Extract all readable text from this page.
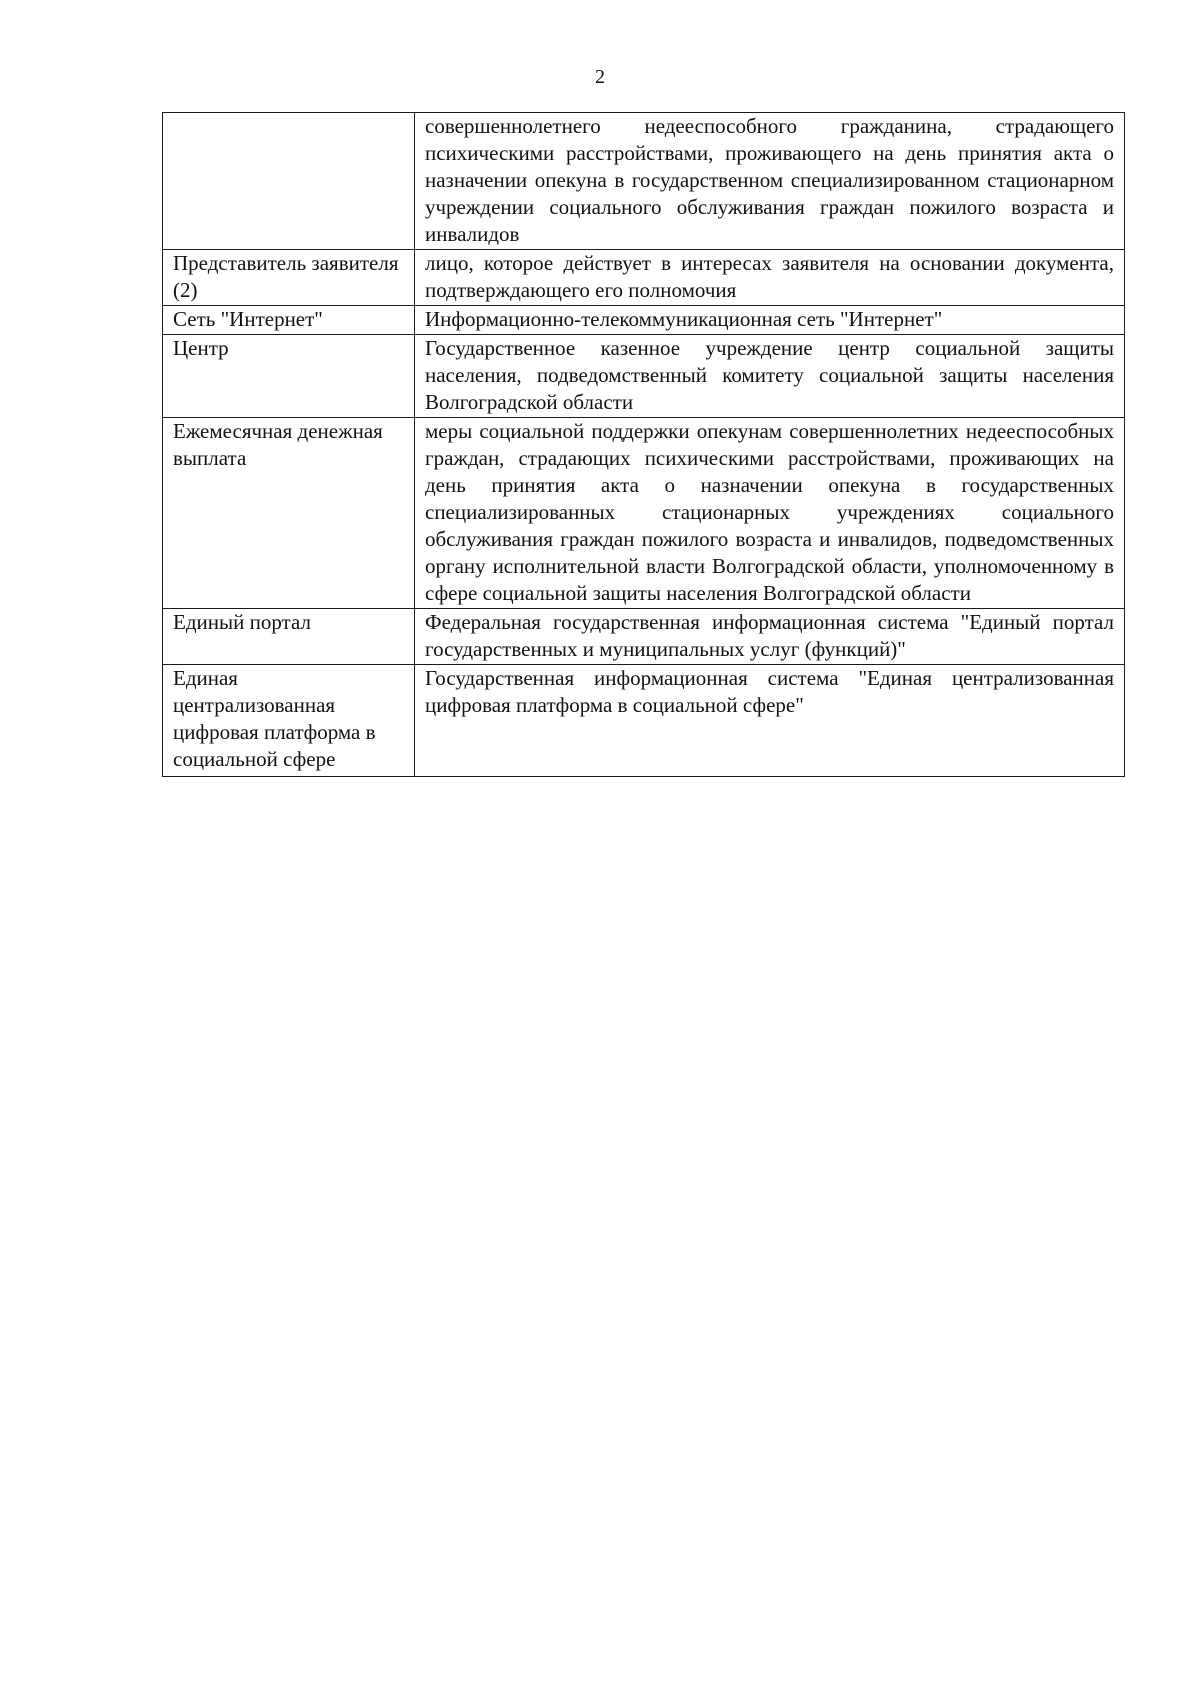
2
	совершеннолетнего недееспособного гражданина, страдающего психическими расстройствами, проживающего на день принятия акта о назначении опекуна в государственном специализированном стационарном учреждении социального обслуживания граждан пожилого возраста и инвалидов
Представитель заявителя (2)	лицо, которое действует в интересах заявителя на основании документа, подтверждающего его полномочия
Сеть "Интернет"	Информационно-телекоммуникационная сеть "Интернет"
Центр	Государственное казенное учреждение центр социальной защиты населения, подведомственный комитету социальной защиты населения Волгоградской области
Ежемесячная денежная выплата	меры социальной поддержки опекунам совершеннолетних недееспособных граждан, страдающих психическими расстройствами, проживающих на день принятия акта о назначении опекуна в государственных специализированных стационарных учреждениях социального обслуживания граждан пожилого возраста и инвалидов, подведомственных органу исполнительной власти Волгоградской области, уполномоченному в сфере социальной защиты населения Волгоградской области
Единый портал	Федеральная государственная информационная система "Единый портал государственных и муниципальных услуг (функций)"
Единая централизованная цифровая платформа в социальной сфере	Государственная информационная система "Единая централизованная цифровая платформа в социальной сфере"
